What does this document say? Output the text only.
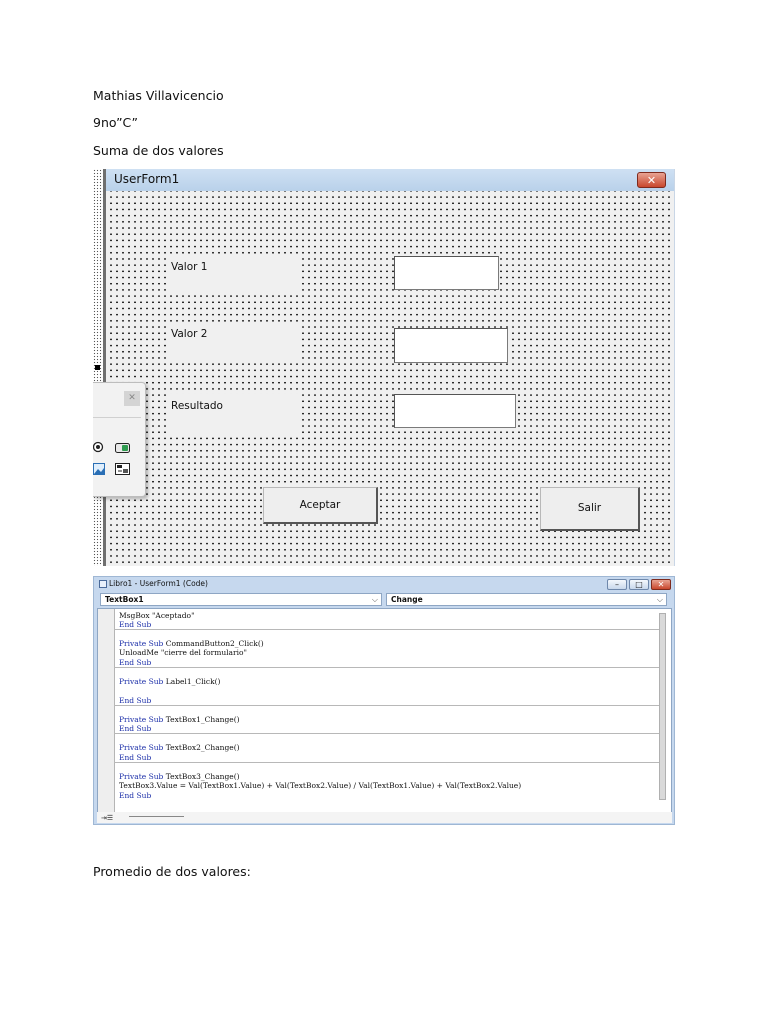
Mathias Villavicencio
9no”C”
Suma de dos valores
UserForm1	✕
Valor 1
Valor 2
Resultado
Aceptar	Salir
✕
Libro1 - UserForm1 (Code)	–	□	✕
TextBox1	⌵	Change	⌵
MsgBox "Aceptado"
End Sub
Private Sub CommandButton2_Click()
UnloadMe "cierre del formulario"
End Sub
Private Sub Label1_Click()
End Sub
Private Sub TextBox1_Change()
End Sub
Private Sub TextBox2_Change()
End Sub
Private Sub TextBox3_Change()
TextBox3.Value = Val(TextBox1.Value) + Val(TextBox2.Value) / Val(TextBox1.Value) + Val(TextBox2.Value)
End Sub
⇥☰
Promedio de dos valores:
